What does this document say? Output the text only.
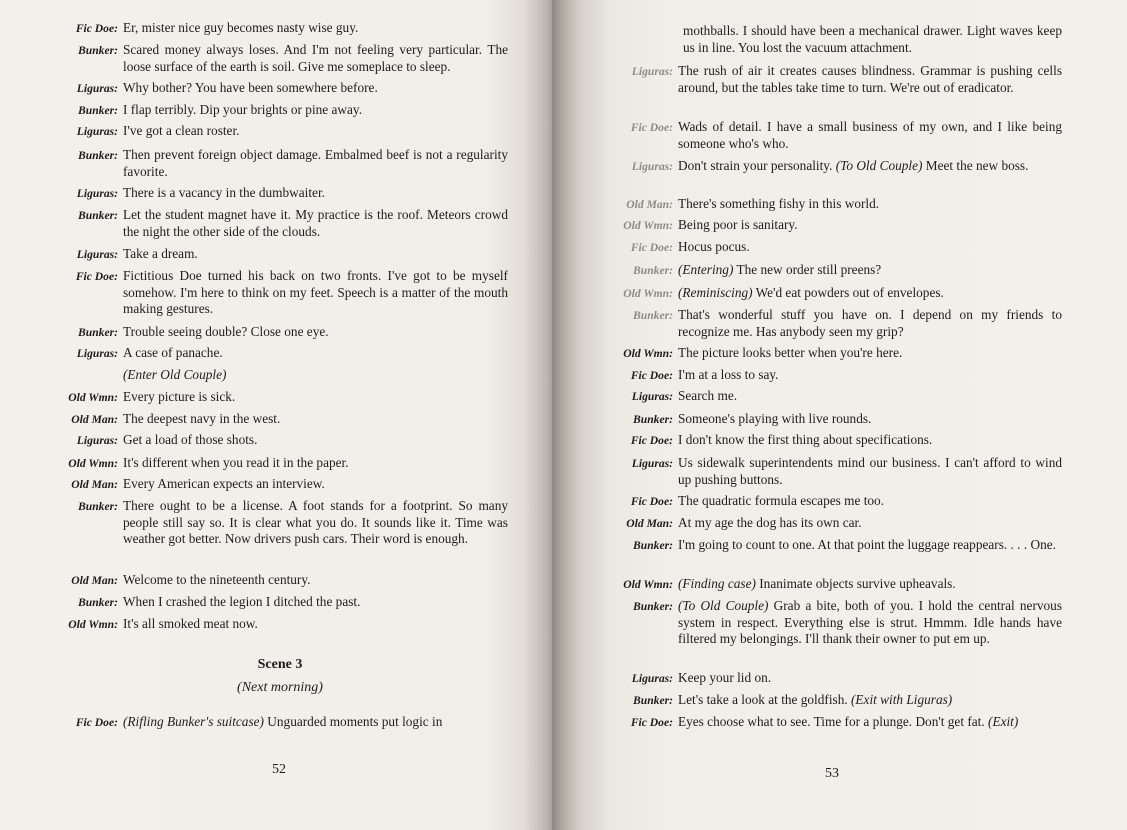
Fic Doe: Er, mister nice guy becomes nasty wise guy.
Bunker: Scared money always loses. And I'm not feeling very particular. The loose surface of the earth is soil. Give me someplace to sleep.
Liguras: Why bother? You have been somewhere before.
Bunker: I flap terribly. Dip your brights or pine away.
Liguras: I've got a clean roster.
Bunker: Then prevent foreign object damage. Embalmed beef is not a regularity favorite.
Liguras: There is a vacancy in the dumbwaiter.
Bunker: Let the student magnet have it. My practice is the roof. Meteors crowd the night the other side of the clouds.
Liguras: Take a dream.
Fic Doe: Fictitious Doe turned his back on two fronts. I've got to be myself somehow. I'm here to think on my feet. Speech is a matter of the mouth making gestures.
Bunker: Trouble seeing double? Close one eye.
Liguras: A case of panache.
(Enter Old Couple)
Old Wmn: Every picture is sick.
Old Man: The deepest navy in the west.
Liguras: Get a load of those shots.
Old Wmn: It's different when you read it in the paper.
Old Man: Every American expects an interview.
Bunker: There ought to be a license. A foot stands for a footprint. So many people still say so. It is clear what you do. It sounds like it. Time was weather got better. Now drivers push cars. Their word is enough.
Old Man: Welcome to the nineteenth century.
Bunker: When I crashed the legion I ditched the past.
Old Wmn: It's all smoked meat now.
Scene 3
(Next morning)
Fic Doe: (Rifling Bunker's suitcase) Unguarded moments put logic in
52
mothballs. I should have been a mechanical drawer. Light waves keep us in line. You lost the vacuum attachment.
Liguras: The rush of air it creates causes blindness. Grammar is pushing cells around, but the tables take time to turn. We're out of eradicator.
Fic Doe: Wads of detail. I have a small business of my own, and I like being someone who's who.
Liguras: Don't strain your personality. (To Old Couple) Meet the new boss.
Old Man: There's something fishy in this world.
Old Wmn: Being poor is sanitary.
Fic Doe: Hocus pocus.
Bunker: (Entering) The new order still preens?
Old Wmn: (Reminiscing) We'd eat powders out of envelopes.
Bunker: That's wonderful stuff you have on. I depend on my friends to recognize me. Has anybody seen my grip?
Old Wmn: The picture looks better when you're here.
Fic Doe: I'm at a loss to say.
Liguras: Search me.
Bunker: Someone's playing with live rounds.
Fic Doe: I don't know the first thing about specifications.
Liguras: Us sidewalk superintendents mind our business. I can't afford to wind up pushing buttons.
Fic Doe: The quadratic formula escapes me too.
Old Man: At my age the dog has its own car.
Bunker: I'm going to count to one. At that point the luggage reappears. . . . One.
Old Wmn: (Finding case) Inanimate objects survive upheavals.
Bunker: (To Old Couple) Grab a bite, both of you. I hold the central nervous system in respect. Everything else is strut. Hmmm. Idle hands have filtered my belongings. I'll thank their owner to put em up.
Liguras: Keep your lid on.
Bunker: Let's take a look at the goldfish. (Exit with Liguras)
Fic Doe: Eyes choose what to see. Time for a plunge. Don't get fat. (Exit)
53
